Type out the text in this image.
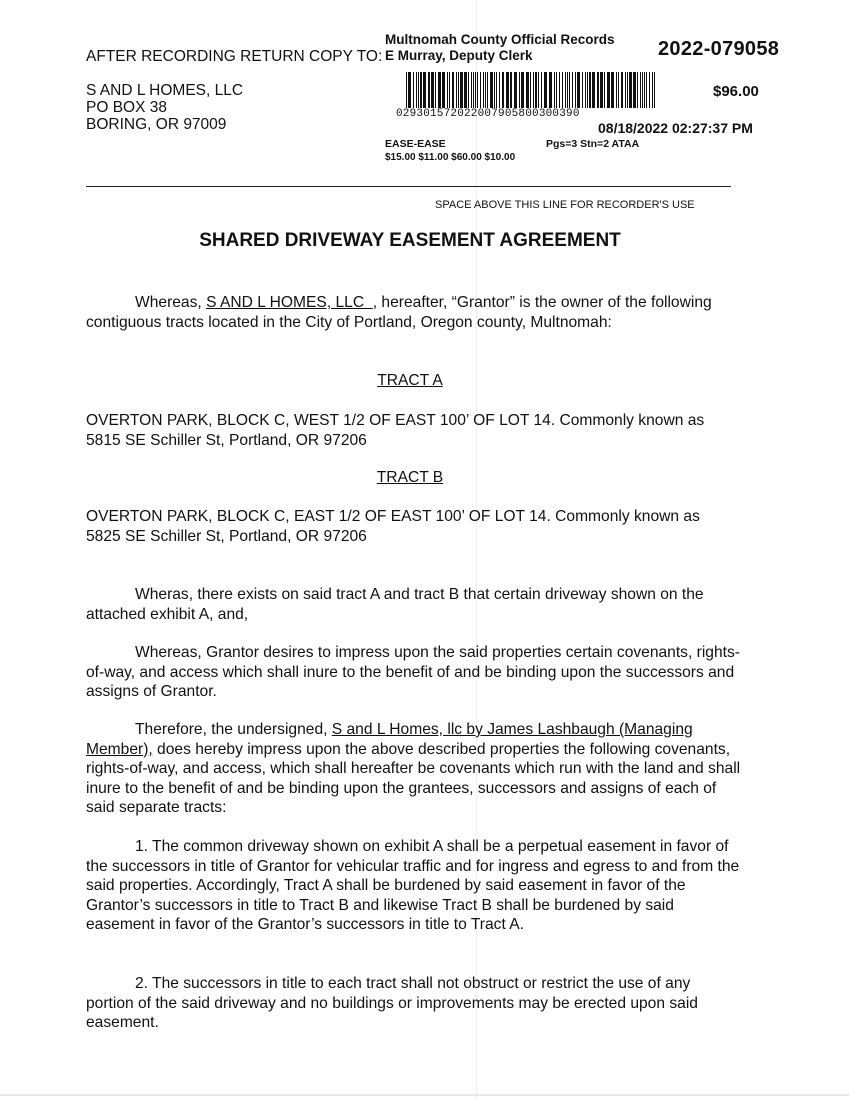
AFTER RECORDING RETURN COPY TO:
S AND L HOMES, LLC
PO BOX 38
BORING, OR 97009
Multnomah County Official Records
E Murray, Deputy Clerk	2022-079058
029301572022007905800300390
$96.00
08/18/2022 02:27:37 PM
EASE-EASE	Pgs=3 Stn=2 ATAA
$15.00 $11.00 $60.00 $10.00
SPACE ABOVE THIS LINE FOR RECORDER'S USE
SHARED DRIVEWAY EASEMENT AGREEMENT
Whereas, S AND L HOMES, LLC  , hereafter, “Grantor” is the owner of the following contiguous tracts located in the City of Portland, Oregon county, Multnomah:
TRACT A
OVERTON PARK, BLOCK C, WEST 1/2 OF EAST 100’ OF LOT 14. Commonly known as 5815 SE Schiller St, Portland, OR 97206
TRACT B
OVERTON PARK, BLOCK C, EAST 1/2 OF EAST 100’ OF LOT 14. Commonly known as 5825 SE Schiller St, Portland, OR 97206
Wheras, there exists on said tract A and tract B that certain driveway shown on the attached exhibit A, and,
Whereas, Grantor desires to impress upon the said properties certain covenants, rights-of-way, and access which shall inure to the benefit of and be binding upon the successors and assigns of Grantor.
Therefore, the undersigned, S and L Homes, llc by James Lashbaugh (Managing Member), does hereby impress upon the above described properties the following covenants, rights-of-way, and access, which shall hereafter be covenants which run with the land and shall inure to the benefit of and be binding upon the grantees, successors and assigns of each of said separate tracts:
1. The common driveway shown on exhibit A shall be a perpetual easement in favor of the successors in title of Grantor for vehicular traffic and for ingress and egress to and from the said properties. Accordingly, Tract A shall be burdened by said easement in favor of the Grantor’s successors in title to Tract B and likewise Tract B shall be burdened by said easement in favor of the Grantor’s successors in title to Tract A.
2. The successors in title to each tract shall not obstruct or restrict the use of any portion of the said driveway and no buildings or improvements may be erected upon said easement.
